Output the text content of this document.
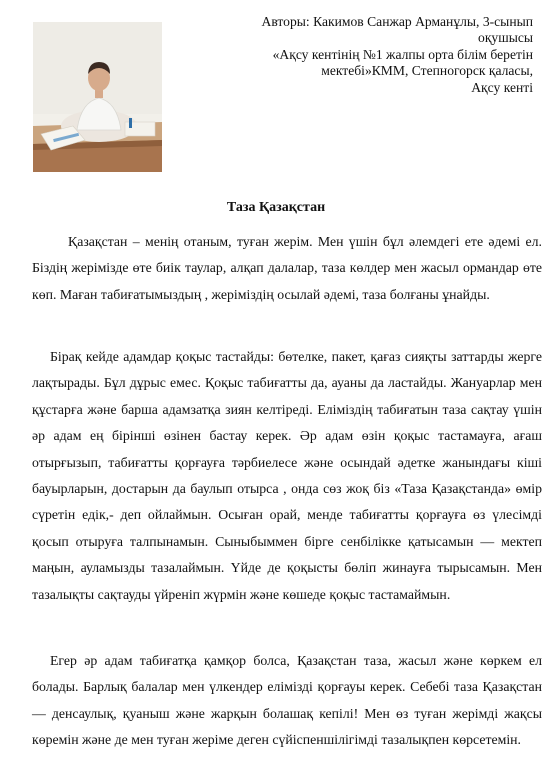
Авторы: Какимов Санжар Арманұлы, 3-сынып
оқушысы
«Ақсу кентінің №1 жалпы орта білім беретін
мектебі»КММ, Степногорск қаласы,
Ақсу кенті
Таза Қазақстан

Қазақстан – менің отаным, туған жерім. Мен үшін бұл әлемдегі ете әдемі ел. Біздің жерімізде өте биік таулар, алқап далалар, таза көлдер мен жасыл ормандар өте көп. Маған табиғатымыздың , жеріміздің осылай әдемі, таза болғаны ұнайды.

Бірақ кейде адамдар қоқыс тастайды: бөтелке, пакет, қағаз сияқты заттарды жерге лақтырады. Бұл дұрыс емес. Қоқыс табиғатты да, ауаны да ластайды. Жануарлар мен құстарға және барша адамзатқа зиян келтіреді. Еліміздің табиғатын таза сақтау үшін әр адам ең бірінші өзінен бастау керек. Әр адам өзін қоқыс тастамауға, ағаш отырғызып, табиғатты қорғауға тәрбиелесе және осындай әдетке жанындағы кіші бауырларын, достарын да баулып отырса , онда сөз жоқ біз «Таза Қазақстанда» өмір сүретін едік,- деп ойлаймын. Осыған орай, менде табиғатты қорғауға өз үлесімді қосып отыруға талпынамын. Сыныбыммен бірге сенбілікке қатысамын — мектеп маңын, ауламызды тазалаймын. Үйде де қоқысты бөліп жинауға тырысамын. Мен тазалықты сақтауды үйреніп жүрмін және көшеде қоқыс тастамаймын.

Егер әр адам табиғатқа қамқор болса, Қазақстан таза, жасыл және көркем ел болады. Барлық балалар мен үлкендер елімізді қорғауы керек. Себебі таза Қазақстан — денсаулық, қуаныш және жарқын болашақ кепілі! Мен өз туған жерімді жақсы көремін және де мен туған жеріме деген сүйіспеншілігімді тазалықпен көрсетемін.
